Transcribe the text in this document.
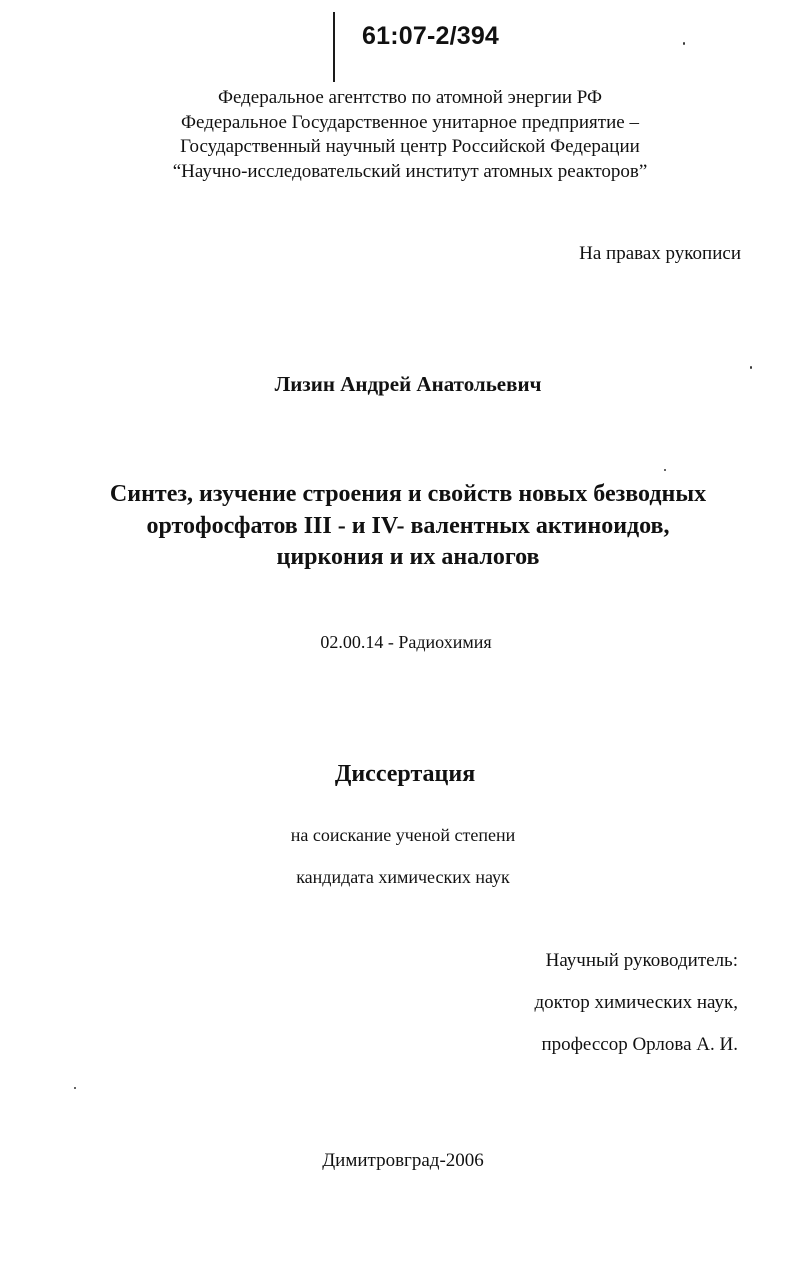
61:07-2/394
Федеральное агентство по атомной энергии РФ
Федеральное Государственное унитарное предприятие –
Государственный научный центр Российской Федерации
“Научно-исследовательский институт атомных реакторов”
На правах рукописи
Лизин Андрей Анатольевич
Синтез, изучение строения и свойств новых безводных
ортофосфатов III - и IV- валентных актиноидов,
циркония и их аналогов
02.00.14 - Радиохимия
Диссертация
на соискание ученой степени
кандидата химических наук
Научный руководитель:
доктор химических наук,
профессор Орлова А. И.
Димитровград-2006
